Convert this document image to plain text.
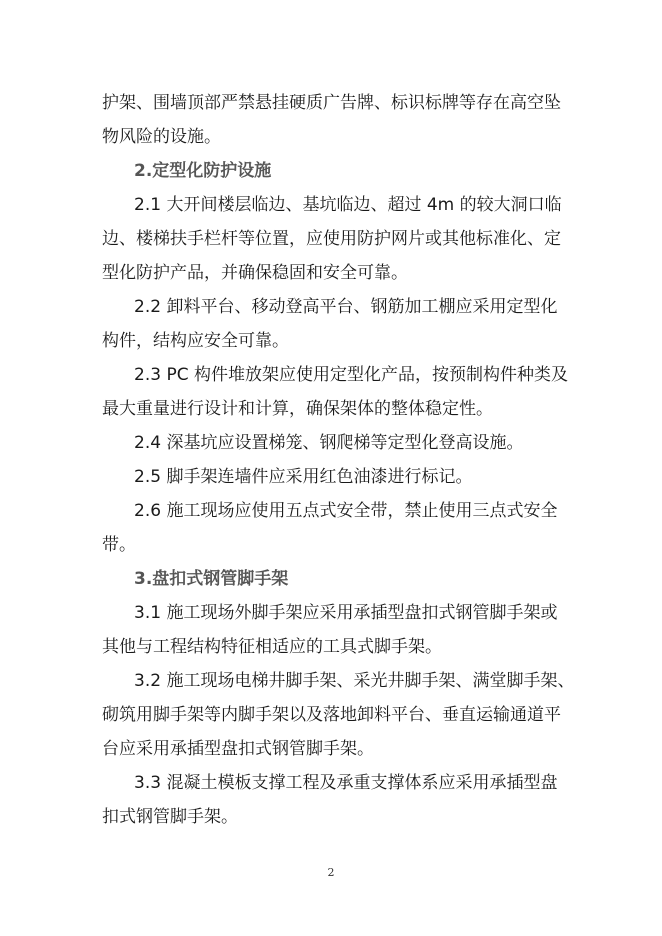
护架、围墙顶部严禁悬挂硬质广告牌、标识标牌等存在高空坠
物风险的设施。
2.定型化防护设施
2.1 大开间楼层临边、基坑临边、超过 4m 的较大洞口临
边、楼梯扶手栏杆等位置，应使用防护网片或其他标准化、定
型化防护产品，并确保稳固和安全可靠。
2.2 卸料平台、移动登高平台、钢筋加工棚应采用定型化
构件，结构应安全可靠。
2.3 PC 构件堆放架应使用定型化产品，按预制构件种类及
最大重量进行设计和计算，确保架体的整体稳定性。
2.4 深基坑应设置梯笼、钢爬梯等定型化登高设施。
2.5 脚手架连墙件应采用红色油漆进行标记。
2.6 施工现场应使用五点式安全带，禁止使用三点式安全
带。
3.盘扣式钢管脚手架
3.1 施工现场外脚手架应采用承插型盘扣式钢管脚手架或
其他与工程结构特征相适应的工具式脚手架。
3.2 施工现场电梯井脚手架、采光井脚手架、满堂脚手架、
砌筑用脚手架等内脚手架以及落地卸料平台、垂直运输通道平
台应采用承插型盘扣式钢管脚手架。
3.3 混凝土模板支撑工程及承重支撑体系应采用承插型盘
扣式钢管脚手架。
2
